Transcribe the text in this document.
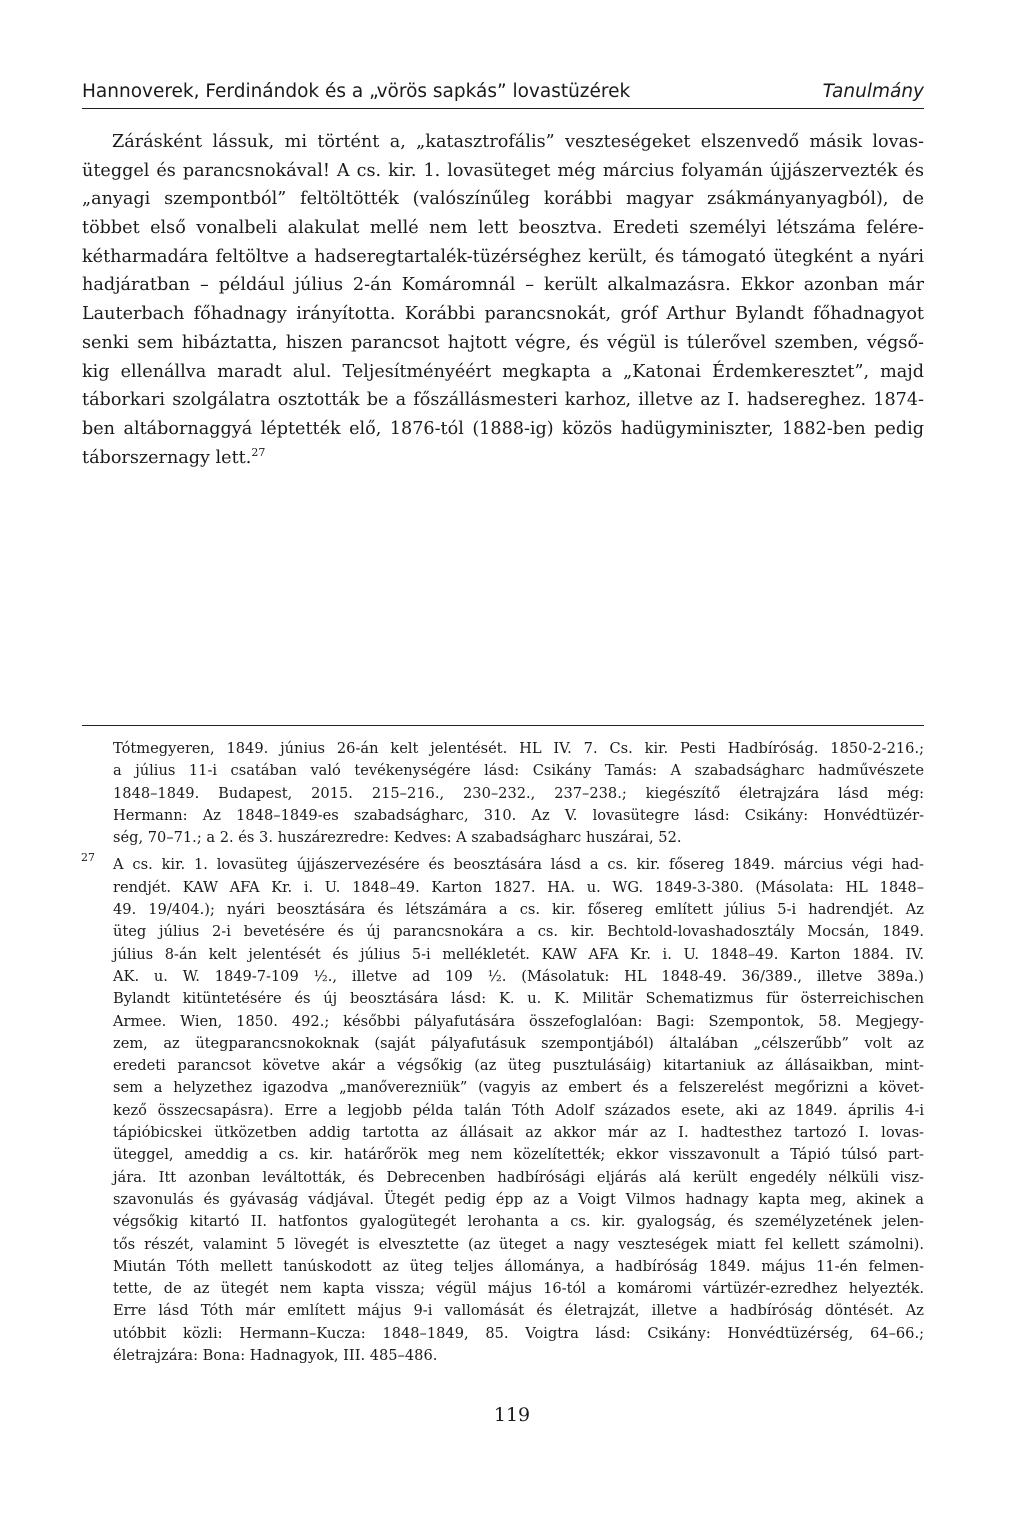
Hannoverek, Ferdinándok és a „vörös sapkás” lovastüzérek	Tanulmány
Zárásként lássuk, mi történt a, „katasztrofális” veszteségeket elszenvedő másik lovas-
üteggel és parancsnokával! A cs. kir. 1. lovasüteget még március folyamán újjászervezték és
„anyagi szempontból” feltöltötték (valószínűleg korábbi magyar zsákmányanyagból), de
többet első vonalbeli alakulat mellé nem lett beosztva. Eredeti személyi létszáma felére-
kétharmadára feltöltve a hadseregtartalék-tüzérséghez került, és támogató ütegként a nyári
hadjáratban – például július 2-án Komáromnál – került alkalmazásra. Ekkor azonban már
Lauterbach főhadnagy irányította. Korábbi parancsnokát, gróf Arthur Bylandt főhadnagyot
senki sem hibáztatta, hiszen parancsot hajtott végre, és végül is túlerővel szemben, végső-
kig ellenállva maradt alul. Teljesítményéért megkapta a „Katonai Érdemkeresztet”, majd
táborkari szolgálatra osztották be a főszállásmesteri karhoz, illetve az I. hadsereghez. 1874-
ben altábornaggyá léptették elő, 1876-tól (1888-ig) közös hadügyminiszter, 1882-ben pedig
táborszernagy lett.$^{27}$
Tótmegyeren, 1849. június 26-án kelt jelentését. HL IV. 7. Cs. kir. Pesti Hadbíróság. 1850-2-216.;
a július 11-i csatában való tevékenységére lásd: Csikány Tamás: A szabadságharc hadművészete
1848–1849. Budapest, 2015. 215–216., 230–232., 237–238.; kiegészítő életrajzára lásd még:
Hermann: Az 1848–1849-es szabadságharc, 310. Az V. lovasütegre lásd: Csikány: Honvédtüzér-
ség, 70–71.; a 2. és 3. huszárezredre: Kedves: A szabadságharc huszárai, 52.
27 A cs. kir. 1. lovasüteg újjászervezésére és beosztására lásd a cs. kir. fősereg 1849. március végi had-
rendjét. KAW AFA Kr. i. U. 1848–49. Karton 1827. HA. u. WG. 1849-3-380. (Másolata: HL 1848–
49. 19/404.); nyári beosztására és létszámára a cs. kir. fősereg említett július 5-i hadrendjét. Az
üteg július 2-i bevetésére és új parancsnokára a cs. kir. Bechtold-lovashadosztály Mocsán, 1849.
július 8-án kelt jelentését és július 5-i mellékletét. KAW AFA Kr. i. U. 1848–49. Karton 1884. IV.
AK. u. W. 1849-7-109 ½., illetve ad 109 ½. (Másolatuk: HL 1848-49. 36/389., illetve 389a.)
Bylandt kitüntetésére és új beosztására lásd: K. u. K. Militär Schematizmus für österreichischen
Armee. Wien, 1850. 492.; későbbi pályafutására összefoglalóan: Bagi: Szempontok, 58. Megjegy-
zem, az ütegparancsnokoknak (saját pályafutásuk szempontjából) általában „célszerűbb” volt az
eredeti parancsot követve akár a végsőkig (az üteg pusztulásáig) kitartaniuk az állásaikban, mint-
sem a helyzethez igazodva „manőverezniük” (vagyis az embert és a felszerelést megőrizni a követ-
kező összecsapásra). Erre a legjobb példa talán Tóth Adolf százados esete, aki az 1849. április 4-i
tápióbicskei ütközetben addig tartotta az állásait az akkor már az I. hadtesthez tartozó I. lovas-
üteggel, ameddig a cs. kir. határőrök meg nem közelítették; ekkor visszavonult a Tápió túlsó part-
jára. Itt azonban leváltották, és Debrecenben hadbírósági eljárás alá került engedély nélküli visz-
szavonulás és gyávaság vádjával. Ütegét pedig épp az a Voigt Vilmos hadnagy kapta meg, akinek a
végsőkig kitartó II. hatfontos gyalogütegét lerohanta a cs. kir. gyalogság, és személyzetének jelen-
tős részét, valamint 5 lövegét is elvesztette (az üteget a nagy veszteségek miatt fel kellett számolni).
Miután Tóth mellett tanúskodott az üteg teljes állománya, a hadbíróság 1849. május 11-én felmen-
tette, de az ütegét nem kapta vissza; végül május 16-tól a komáromi vártüzér-ezredhez helyezték.
Erre lásd Tóth már említett május 9-i vallomását és életrajzát, illetve a hadbíróság döntését. Az
utóbbit közli: Hermann–Kucza: 1848–1849, 85. Voigtra lásd: Csikány: Honvédtüzérség, 64–66.;
életrajzára: Bona: Hadnagyok, III. 485–486.
119
